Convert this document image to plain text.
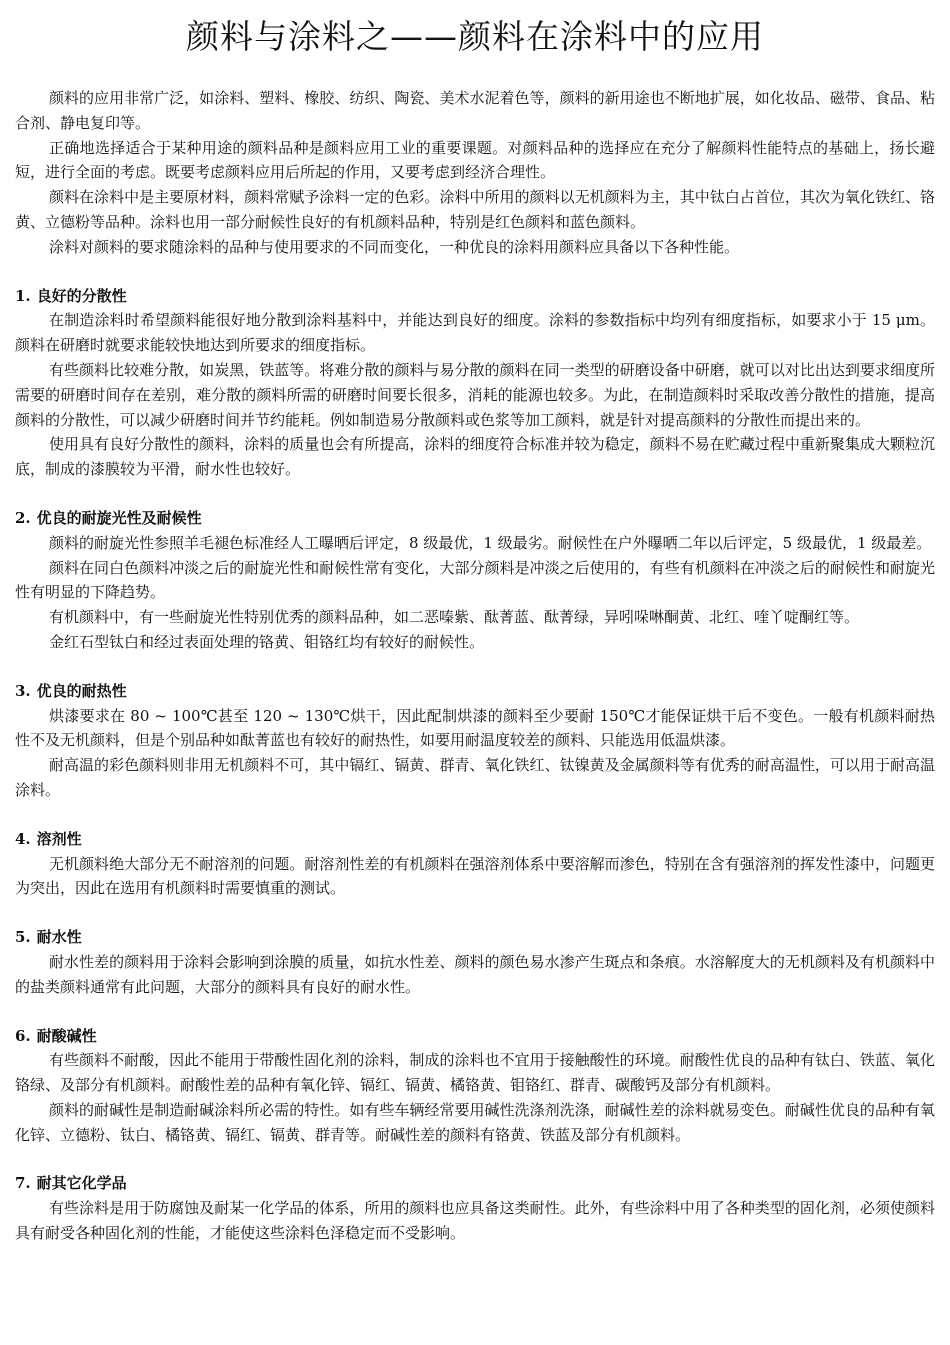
颜料与涂料之——颜料在涂料中的应用

颜料的应用非常广泛，如涂料、塑料、橡胶、纺织、陶瓷、美术水泥着色等，颜料的新用途也不断地扩展，如化妆品、磁带、食品、粘合剂、静电复印等。

正确地选择适合于某种用途的颜料品种是颜料应用工业的重要课题。对颜料品种的选择应在充分了解颜料性能特点的基础上，扬长避短，进行全面的考虑。既要考虑颜料应用后所起的作用，又要考虑到经济合理性。

颜料在涂料中是主要原材料，颜料常赋予涂料一定的色彩。涂料中所用的颜料以无机颜料为主，其中钛白占首位，其次为氧化铁红、铬黄、立德粉等品种。涂料也用一部分耐候性良好的有机颜料品种，特别是红色颜料和蓝色颜料。

涂料对颜料的要求随涂料的品种与使用要求的不同而变化，一种优良的涂料用颜料应具备以下各种性能。

1. 良好的分散性

在制造涂料时希望颜料能很好地分散到涂料基料中，并能达到良好的细度。涂料的参数指标中均列有细度指标，如要求小于 15 μm。颜料在研磨时就要求能较快地达到所要求的细度指标。

有些颜料比较难分散，如炭黑，铁蓝等。将难分散的颜料与易分散的颜料在同一类型的研磨设备中研磨，就可以对比出达到要求细度所需要的研磨时间存在差别，难分散的颜料所需的研磨时间要长很多，消耗的能源也较多。为此，在制造颜料时采取改善分散性的措施，提高颜料的分散性，可以减少研磨时间并节约能耗。例如制造易分散颜料或色浆等加工颜料，就是针对提高颜料的分散性而提出来的。

使用具有良好分散性的颜料，涂料的质量也会有所提高，涂料的细度符合标准并较为稳定，颜料不易在贮藏过程中重新聚集成大颗粒沉底，制成的漆膜较为平滑，耐水性也较好。

2. 优良的耐旋光性及耐候性

颜料的耐旋光性参照羊毛褪色标准经人工曝晒后评定，8 级最优，1 级最劣。耐候性在户外曝晒二年以后评定，5 级最优，1 级最差。

颜料在同白色颜料冲淡之后的耐旋光性和耐候性常有变化，大部分颜料是冲淡之后使用的，有些有机颜料在冲淡之后的耐候性和耐旋光性有明显的下降趋势。

有机颜料中，有一些耐旋光性特别优秀的颜料品种，如二恶嗪紫、酞菁蓝、酞菁绿，异吲哚啉酮黄、北红、喹丫啶酮红等。

金红石型钛白和经过表面处理的铬黄、钼铬红均有较好的耐候性。

3. 优良的耐热性

烘漆要求在 80 ~ 100℃甚至 120 ~ 130℃烘干，因此配制烘漆的颜料至少要耐 150℃才能保证烘干后不变色。一般有机颜料耐热性不及无机颜料，但是个别品种如酞菁蓝也有较好的耐热性，如要用耐温度较差的颜料、只能选用低温烘漆。

耐高温的彩色颜料则非用无机颜料不可，其中镉红、镉黄、群青、氧化铁红、钛镍黄及金属颜料等有优秀的耐高温性，可以用于耐高温涂料。

4. 溶剂性

无机颜料绝大部分无不耐溶剂的问题。耐溶剂性差的有机颜料在强溶剂体系中要溶解而渗色，特别在含有强溶剂的挥发性漆中，问题更为突出，因此在选用有机颜料时需要慎重的测试。

5. 耐水性

耐水性差的颜料用于涂料会影响到涂膜的质量，如抗水性差、颜料的颜色易水渗产生斑点和条痕。水溶解度大的无机颜料及有机颜料中的盐类颜料通常有此问题，大部分的颜料具有良好的耐水性。

6. 耐酸碱性

有些颜料不耐酸，因此不能用于带酸性固化剂的涂料，制成的涂料也不宜用于接触酸性的环境。耐酸性优良的品种有钛白、铁蓝、氧化铬绿、及部分有机颜料。耐酸性差的品种有氧化锌、镉红、镉黄、橘铬黄、钼铬红、群青、碳酸钙及部分有机颜料。

颜料的耐碱性是制造耐碱涂料所必需的特性。如有些车辆经常要用碱性洗涤剂洗涤，耐碱性差的涂料就易变色。耐碱性优良的品种有氧化锌、立德粉、钛白、橘铬黄、镉红、镉黄、群青等。耐碱性差的颜料有铬黄、铁蓝及部分有机颜料。

7. 耐其它化学品

有些涂料是用于防腐蚀及耐某一化学品的体系，所用的颜料也应具备这类耐性。此外，有些涂料中用了各种类型的固化剂，必须使颜料具有耐受各种固化剂的性能，才能使这些涂料色泽稳定而不受影响。
